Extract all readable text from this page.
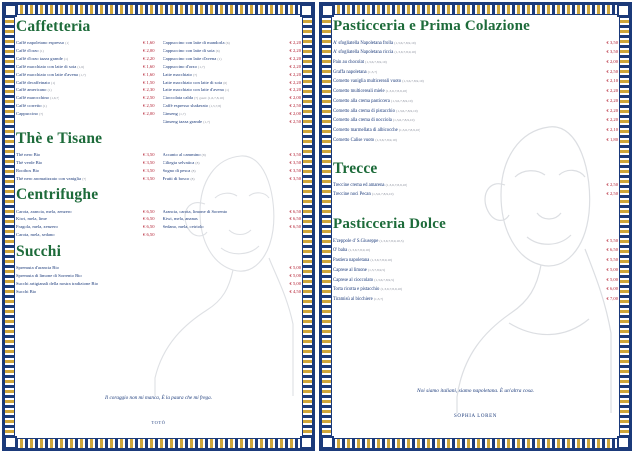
Caffetteria
Caffè napoletano espresso (1)	€ 1,60
Caffè d'orzo (1)	€ 2,00
Caffè d'orzo tazza grande (1)	€ 2,20
Caffè macchiato con latte di soia (1,6)	€ 1,60
Caffè macchiato con latte d'avena (1,7)	€ 1,60
Caffè decaffeinato (1)	€ 1,50
Caffè americano (1)	€ 2,30
Caffè marocchino (1,6,7)	€ 2,50
Caffè corretto (1)	€ 2,50
Cappuccino (7)	€ 2,00
Cappuccino con latte di mandorla (6)	€ 2,20
Cappuccino con latte di soia (6)	€ 2,20
Cappuccino con latte d'avena (1)	€ 2,20
Cappuccino d'orzo (1,7)	€ 2,20
Latte macchiato (7)	€ 2,20
Latte macchiato con latte di soia (6)	€ 2,20
Latte macchiato con latte d'avena (1)	€ 2,20
Cioccolata calda (7) gusti: (1,6,7,8,10)	€ 2,00
Caffè espresso shakerato (1,5,7,8)	€ 2,50
Ginseng (1,7)	€ 2,00
Ginseng tazza grande (1,7)	€ 2,50
Thè e Tisane
Thè nero Bio	€ 3,50
Thè verde Bio	€ 3,50
Rooibos Bio	€ 3,50
Thè nero aromatizzato con vaniglia (7)	€ 3,50
Accanto al cammino (8)	€ 3,50
Ciliegia selvatica (8)	€ 3,50
Sogno di pesca (8)	€ 3,50
Frutti di bosco (8)	€ 3,50
Centrifughe
Carota, arancia, mela, zenzero	€ 6,50
Kiwi, mela, lime	€ 6,50
Fragola, mela, zenzero	€ 6,50
Carota, mela, sedano	€ 6,50
Arancia, carota, limone di Sorrento	€ 6,50
Kiwi, mela, ananas	€ 6,50
Sedano, mela, cetriolo	€ 6,50
Succhi
Spremuta d'arancia Bio	€ 5,00
Spremuta di limone di Sorrento Bio	€ 5,00
Succhi artigianali della nostra tradizione Bio	€ 5,00
Succhi Bio	€ 4,50
Il coraggio non mi manca, È la paura che mi frega.
TOTÒ
Pasticceria e Prima Colazione
A' sfogliatella Napoletana frolla (1,3,6,7,8,9,10)	€ 3,50
A' sfogliatella Napoletana riccia (1,3,6,7,8,9,10)	€ 3,50
Pain au chocolat (1,3,6,7,8,9,10)	€ 2,00
Graffa napoletana (1,3,7)	€ 2,50
Cornetto vaniglia multicereali vuoto (1,3,6,7,8,9,10)	€ 2,10
Cornetto multicereali miele (1,3,6,7,8,9,10)	€ 2,20
Cornetto alla crema pasticcera (1,3,6,7,8,9,10)	€ 2,20
Cornetto alla crema di pistacchio (1,3,6,7,8,9,10)	€ 2,20
Cornetto alla crema di nocciola (1,3,6,7,8,9,10)	€ 2,20
Cornetto marmellata di albicocche (1,3,6,7,8,9,10)	€ 2,10
Cornetto Calise vuoto (1,3,6,7,8,9,10)	€ 1,80
Trecce
Treccine crema ed amarena (1,3,6,7,8,9,10)	€ 2,50
Treccine noci Pecan (1,3,6,7,8,9,10)	€ 2,50
Pasticceria Dolce
E'zeppole d' S.Giuseppe (1,3,6,7,8,9,10,5)	€ 5,50
O' baba (1,3,6,7,8,9,10)	€ 6,50
Pastiera napoletana (1,3,6,7,8,9,10)	€ 5,50
Caprese al limone (1,3,7,8,9,5)	€ 5,00
Caprese al cioccolato (1,3,6,7,8,9,5)	€ 5,00
Torta ricotta e pistacchio (1,3,6,7,8,9,10)	€ 6,00
Tiramisù al bicchiere (1,3,7)	€ 7,00
Noi siamo italiani, siamo napoletana. È un'altra cosa.
SOPHIA LOREN
